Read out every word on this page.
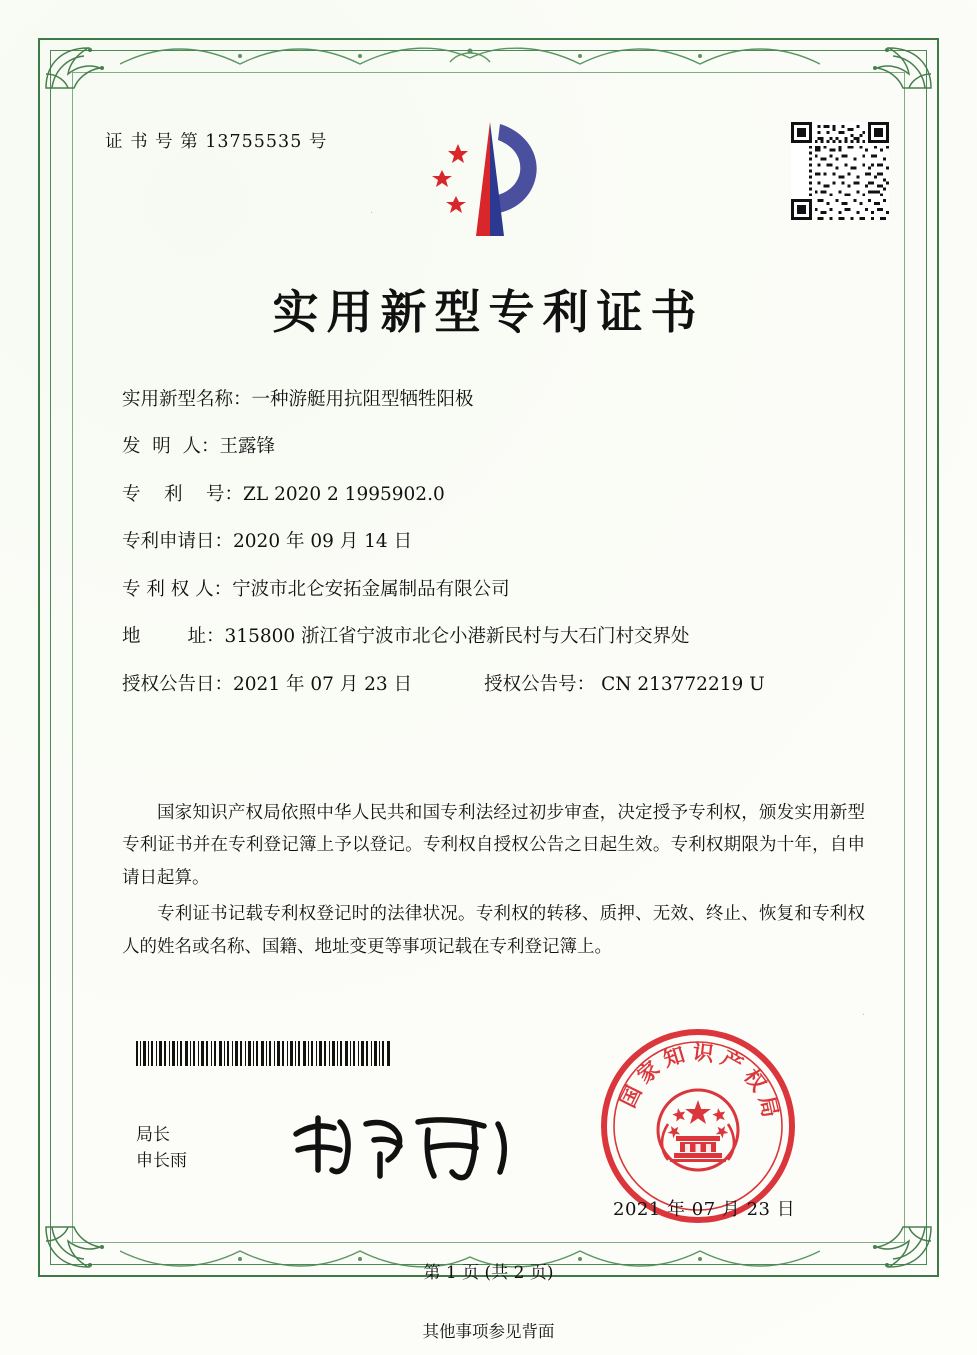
证 书 号 第 13755535 号
实用新型专利证书
实用新型名称： 一种游艇用抗阻型牺牲阳极
发  明  人： 王露锋
专    利    号： ZL 2020 2 1995902.0
专利申请日： 2020 年 09 月 14 日
专 利 权 人： 宁波市北仑安拓金属制品有限公司
地        址： 315800 浙江省宁波市北仑小港新民村与大石门村交界处
授权公告日： 2021 年 07 月 23 日	授权公告号： CN 213772219 U

国家知识产权局依照中华人民共和国专利法经过初步审查，决定授予专利权，颁发实用新型专利证书并在专利登记簿上予以登记。专利权自授权公告之日起生效。专利权期限为十年，自申请日起算。

专利证书记载专利权登记时的法律状况。专利权的转移、质押、无效、终止、恢复和专利权人的姓名或名称、国籍、地址变更等事项记载在专利登记簿上。

局长
申长雨
国家知识产权局
2021 年 07 月 23 日
第 1 页 (共 2 页)
其他事项参见背面
·
·
